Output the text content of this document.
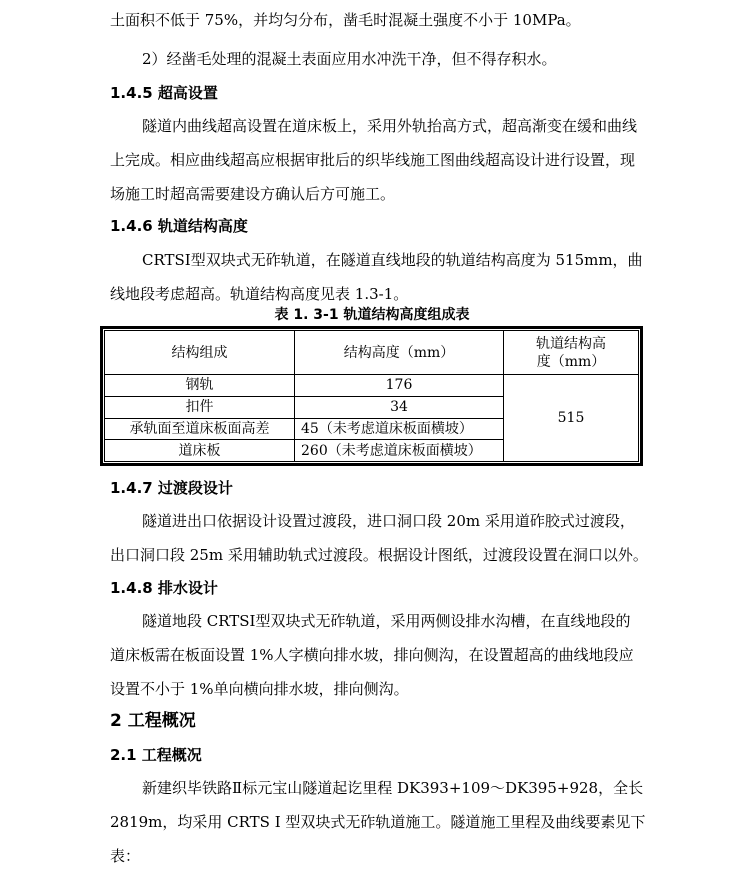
土面积不低于 75%，并均匀分布，凿毛时混凝土强度不小于 10MPa。
2）经凿毛处理的混凝土表面应用水冲洗干净，但不得存积水。
1.4.5 超高设置
隧道内曲线超高设置在道床板上，采用外轨抬高方式，超高渐变在缓和曲线
上完成。相应曲线超高应根据审批后的织毕线施工图曲线超高设计进行设置，现
场施工时超高需要建设方确认后方可施工。
1.4.6 轨道结构高度
CRTSⅠ型双块式无砟轨道，在隧道直线地段的轨道结构高度为 515mm，曲
线地段考虑超高。轨道结构高度见表 1.3-1。
表 1. 3-1 轨道结构高度组成表
结构组成	结构高度（mm）	轨道结构高度（mm）
钢轨	176	515
扣件	34	
承轨面至道床板面高差	45（未考虑道床板面横坡）	
道床板	260（未考虑道床板面横坡）	
1.4.7 过渡段设计
隧道进出口依据设计设置过渡段，进口洞口段 20m 采用道砟胶式过渡段，
出口洞口段 25m 采用辅助轨式过渡段。根据设计图纸，过渡段设置在洞口以外。
1.4.8 排水设计
隧道地段 CRTSⅠ型双块式无砟轨道，采用两侧设排水沟槽，在直线地段的
道床板需在板面设置 1%人字横向排水坡，排向侧沟，在设置超高的曲线地段应
设置不小于 1%单向横向排水坡，排向侧沟。
2 工程概况
2.1 工程概况
新建织毕铁路Ⅱ标元宝山隧道起讫里程 DK393+109～DK395+928，全长
2819m，均采用 CRTS I 型双块式无砟轨道施工。隧道施工里程及曲线要素见下
表：
